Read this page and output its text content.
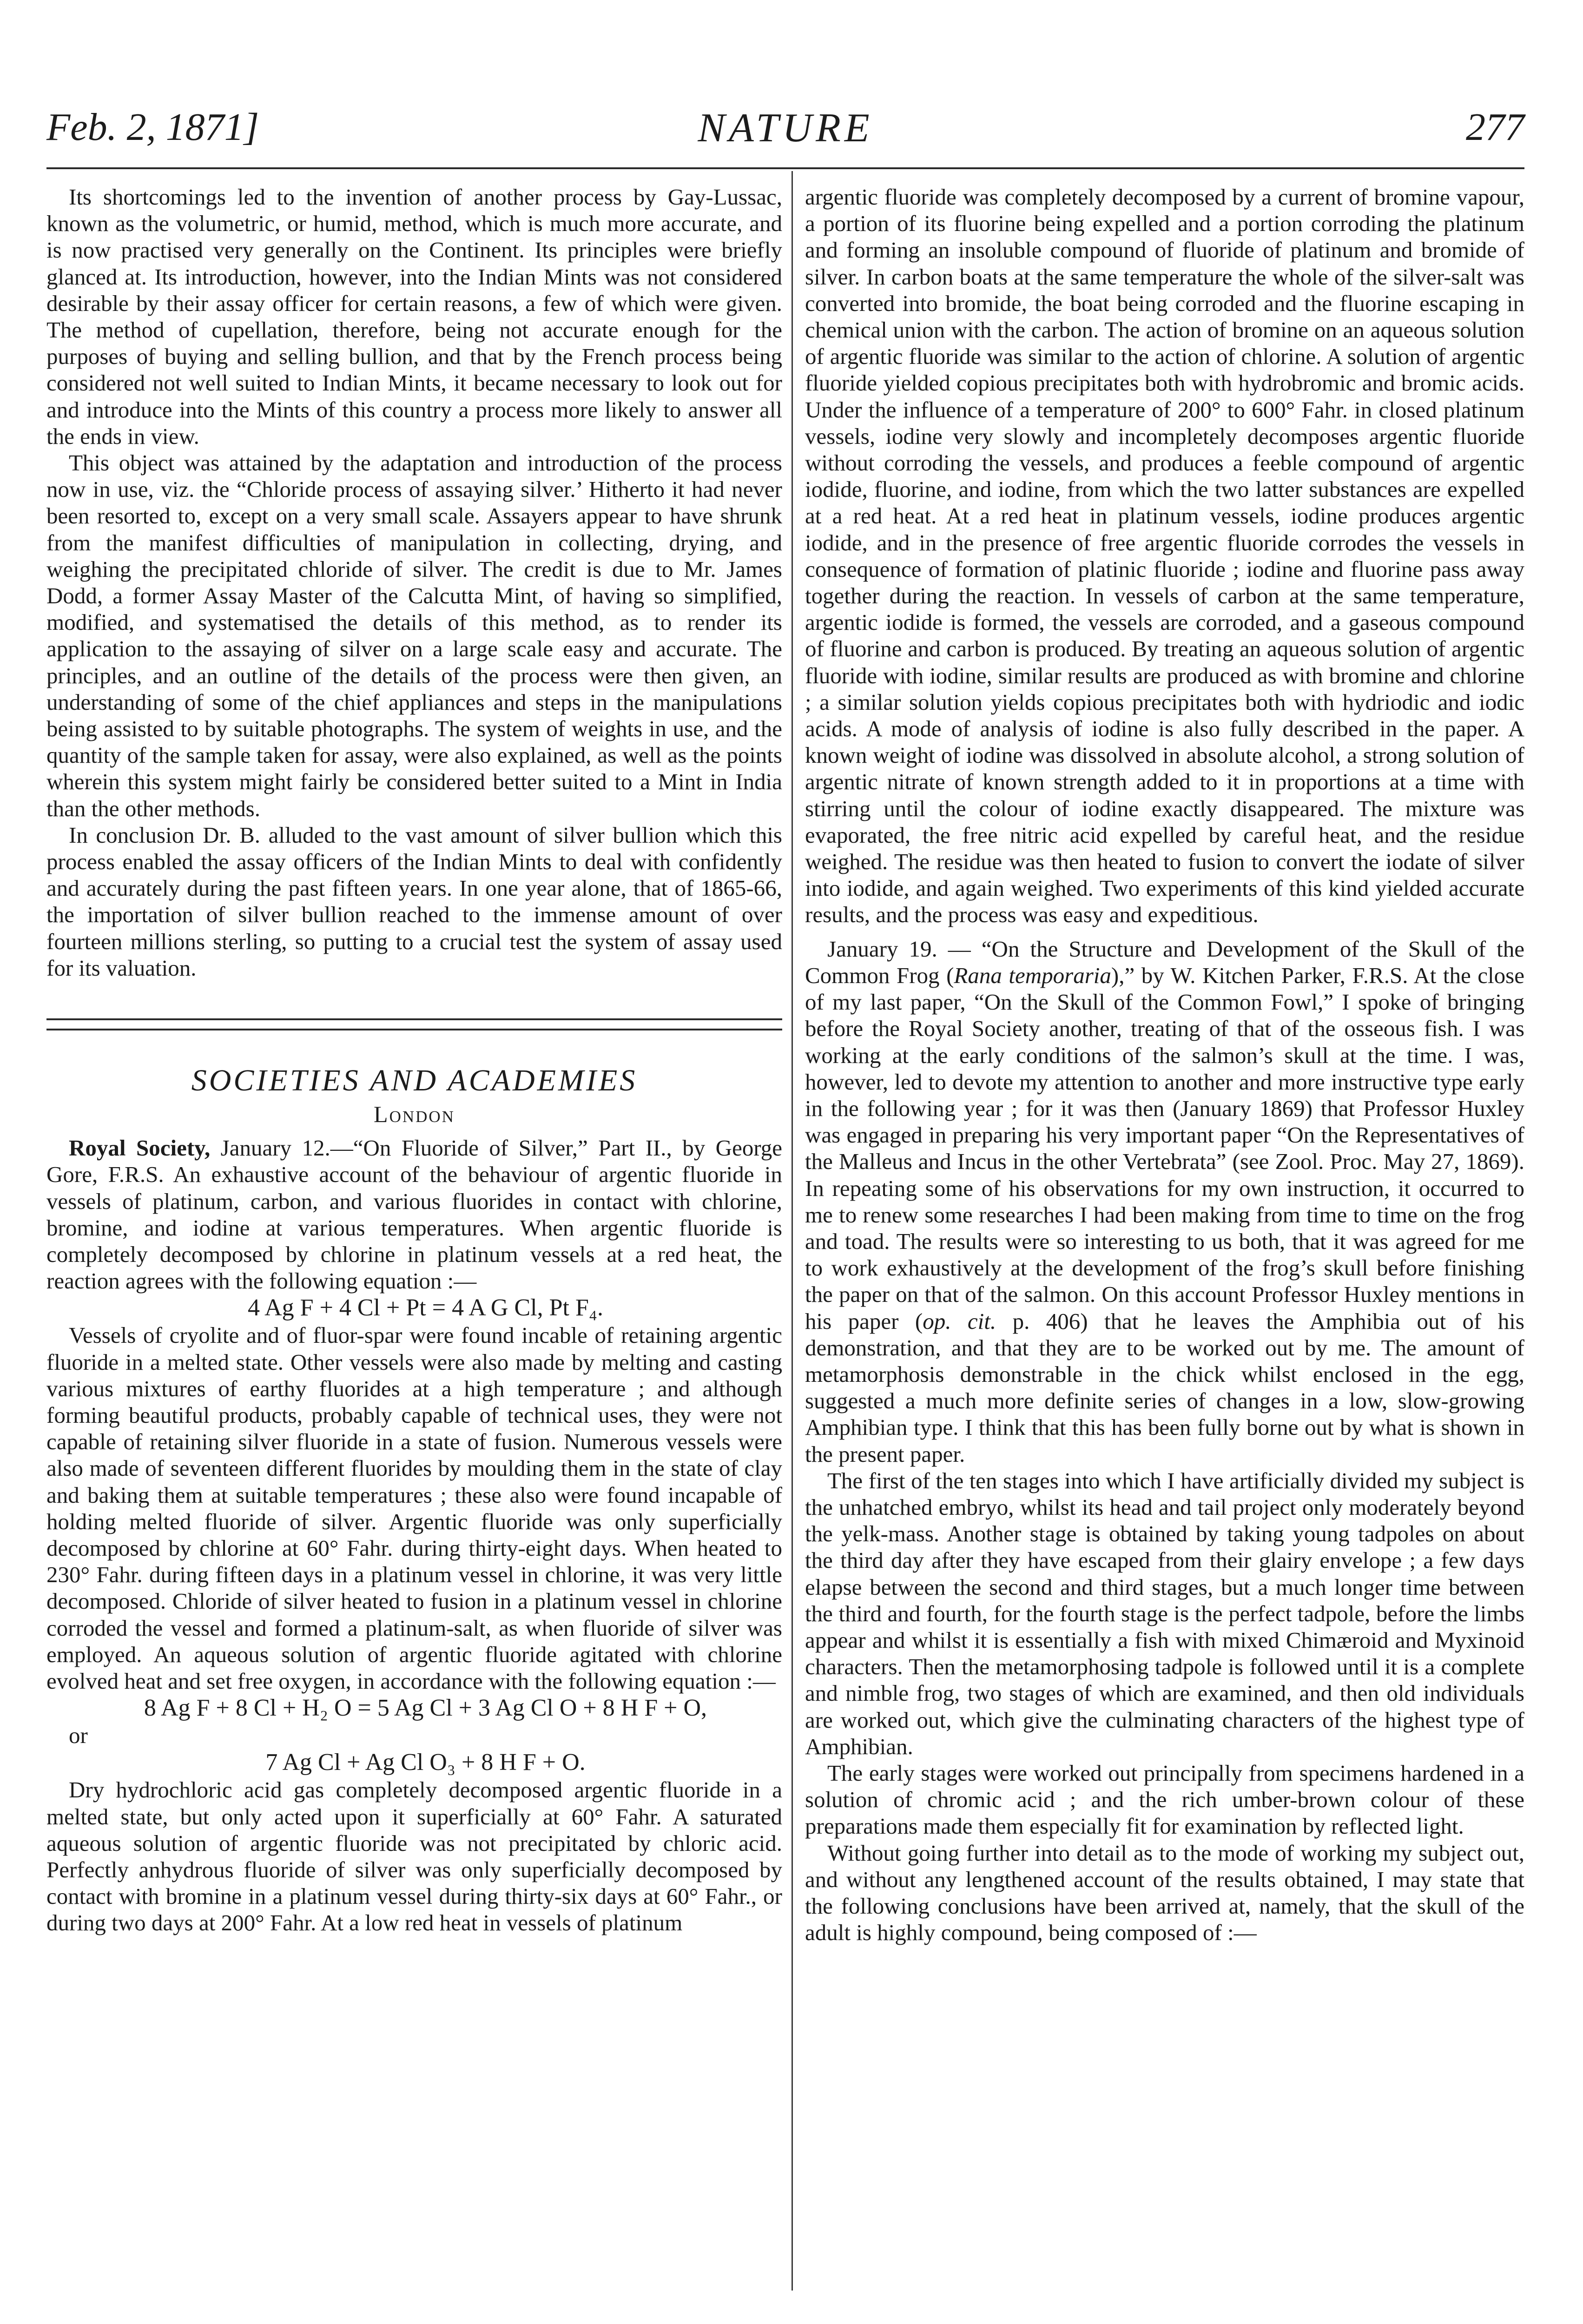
Feb. 2, 1871]	NATURE	277

Its shortcomings led to the invention of another process by Gay-Lussac, known as the volumetric, or humid, method, which is much more accurate, and is now practised very generally on the Continent. Its principles were briefly glanced at. Its introduction, however, into the Indian Mints was not considered desirable by their assay officer for certain reasons, a few of which were given. The method of cupellation, therefore, being not accurate enough for the purposes of buying and selling bullion, and that by the French process being considered not well suited to Indian Mints, it became necessary to look out for and introduce into the Mints of this country a process more likely to answer all the ends in view.

This object was attained by the adaptation and introduction of the process now in use, viz. the “Chloride process of assaying silver.’ Hitherto it had never been resorted to, except on a very small scale. Assayers appear to have shrunk from the manifest difficulties of manipulation in collecting, drying, and weighing the precipitated chloride of silver. The credit is due to Mr. James Dodd, a former Assay Master of the Calcutta Mint, of having so simplified, modified, and systematised the details of this method, as to render its application to the assaying of silver on a large scale easy and accurate. The principles, and an outline of the details of the process were then given, an understanding of some of the chief appliances and steps in the manipulations being assisted to by suitable photographs. The system of weights in use, and the quantity of the sample taken for assay, were also explained, as well as the points wherein this system might fairly be considered better suited to a Mint in India than the other methods.

In conclusion Dr. B. alluded to the vast amount of silver bullion which this process enabled the assay officers of the Indian Mints to deal with confidently and accurately during the past fifteen years. In one year alone, that of 1865-66, the importation of silver bullion reached to the immense amount of over fourteen millions sterling, so putting to a crucial test the system of assay used for its valuation.

SOCIETIES AND ACADEMIES
London

Royal Society, January 12.—“On Fluoride of Silver,” Part II., by George Gore, F.R.S. An exhaustive account of the behaviour of argentic fluoride in vessels of platinum, carbon, and various fluorides in contact with chlorine, bromine, and iodine at various temperatures. When argentic fluoride is completely decomposed by chlorine in platinum vessels at a red heat, the reaction agrees with the following equation :—

4 Ag F + 4 Cl + Pt = 4 A G Cl, Pt F₄.

Vessels of cryolite and of fluor-spar were found incable of retaining argentic fluoride in a melted state. Other vessels were also made by melting and casting various mixtures of earthy fluorides at a high temperature ; and although forming beautiful products, probably capable of technical uses, they were not capable of retaining silver fluoride in a state of fusion. Numerous vessels were also made of seventeen different fluorides by moulding them in the state of clay and baking them at suitable temperatures ; these also were found incapable of holding melted fluoride of silver. Argentic fluoride was only superficially decomposed by chlorine at 60° Fahr. during thirty-eight days. When heated to 230° Fahr. during fifteen days in a platinum vessel in chlorine, it was very little decomposed. Chloride of silver heated to fusion in a platinum vessel in chlorine corroded the vessel and formed a platinum-salt, as when fluoride of silver was employed. An aqueous solution of argentic fluoride agitated with chlorine evolved heat and set free oxygen, in accordance with the following equation :—

8 Ag F + 8 Cl + H₂ O = 5 Ag Cl + 3 Ag Cl O + 8 H F + O,

or

7 Ag Cl + Ag Cl O₃ + 8 H F + O.

Dry hydrochloric acid gas completely decomposed argentic fluoride in a melted state, but only acted upon it superficially at 60° Fahr. A saturated aqueous solution of argentic fluoride was not precipitated by chloric acid. Perfectly anhydrous fluoride of silver was only superficially decomposed by contact with bromine in a platinum vessel during thirty-six days at 60° Fahr., or during two days at 200° Fahr. At a low red heat in vessels of platinum

argentic fluoride was completely decomposed by a current of bromine vapour, a portion of its fluorine being expelled and a portion corroding the platinum and forming an insoluble compound of fluoride of platinum and bromide of silver. In carbon boats at the same temperature the whole of the silver-salt was converted into bromide, the boat being corroded and the fluorine escaping in chemical union with the carbon. The action of bromine on an aqueous solution of argentic fluoride was similar to the action of chlorine. A solution of argentic fluoride yielded copious precipitates both with hydrobromic and bromic acids. Under the influence of a temperature of 200° to 600° Fahr. in closed platinum vessels, iodine very slowly and incompletely decomposes argentic fluoride without corroding the vessels, and produces a feeble compound of argentic iodide, fluorine, and iodine, from which the two latter substances are expelled at a red heat. At a red heat in platinum vessels, iodine produces argentic iodide, and in the presence of free argentic fluoride corrodes the vessels in consequence of formation of platinic fluoride ; iodine and fluorine pass away together during the reaction. In vessels of carbon at the same temperature, argentic iodide is formed, the vessels are corroded, and a gaseous compound of fluorine and carbon is produced. By treating an aqueous solution of argentic fluoride with iodine, similar results are produced as with bromine and chlorine ; a similar solution yields copious precipitates both with hydriodic and iodic acids. A mode of analysis of iodine is also fully described in the paper. A known weight of iodine was dissolved in absolute alcohol, a strong solution of argentic nitrate of known strength added to it in proportions at a time with stirring until the colour of iodine exactly disappeared. The mixture was evaporated, the free nitric acid expelled by careful heat, and the residue weighed. The residue was then heated to fusion to convert the iodate of silver into iodide, and again weighed. Two experiments of this kind yielded accurate results, and the process was easy and expeditious.

January 19. — “On the Structure and Development of the Skull of the Common Frog (Rana temporaria),” by W. Kitchen Parker, F.R.S. At the close of my last paper, “On the Skull of the Common Fowl,” I spoke of bringing before the Royal Society another, treating of that of the osseous fish. I was working at the early conditions of the salmon’s skull at the time. I was, however, led to devote my attention to another and more instructive type early in the following year ; for it was then (January 1869) that Professor Huxley was engaged in preparing his very important paper “On the Representatives of the Malleus and Incus in the other Vertebrata” (see Zool. Proc. May 27, 1869). In repeating some of his observations for my own instruction, it occurred to me to renew some researches I had been making from time to time on the frog and toad. The results were so interesting to us both, that it was agreed for me to work exhaustively at the development of the frog’s skull before finishing the paper on that of the salmon. On this account Professor Huxley mentions in his paper (op. cit. p. 406) that he leaves the Amphibia out of his demonstration, and that they are to be worked out by me. The amount of metamorphosis demonstrable in the chick whilst enclosed in the egg, suggested a much more definite series of changes in a low, slow-growing Amphibian type. I think that this has been fully borne out by what is shown in the present paper.

The first of the ten stages into which I have artificially divided my subject is the unhatched embryo, whilst its head and tail project only moderately beyond the yelk-mass. Another stage is obtained by taking young tadpoles on about the third day after they have escaped from their glairy envelope ; a few days elapse between the second and third stages, but a much longer time between the third and fourth, for the fourth stage is the perfect tadpole, before the limbs appear and whilst it is essentially a fish with mixed Chimæroid and Myxinoid characters. Then the metamorphosing tadpole is followed until it is a complete and nimble frog, two stages of which are examined, and then old individuals are worked out, which give the culminating characters of the highest type of Amphibian.

The early stages were worked out principally from specimens hardened in a solution of chromic acid ; and the rich umber-brown colour of these preparations made them especially fit for examination by reflected light.

Without going further into detail as to the mode of working my subject out, and without any lengthened account of the results obtained, I may state that the following conclusions have been arrived at, namely, that the skull of the adult is highly compound, being composed of :—
